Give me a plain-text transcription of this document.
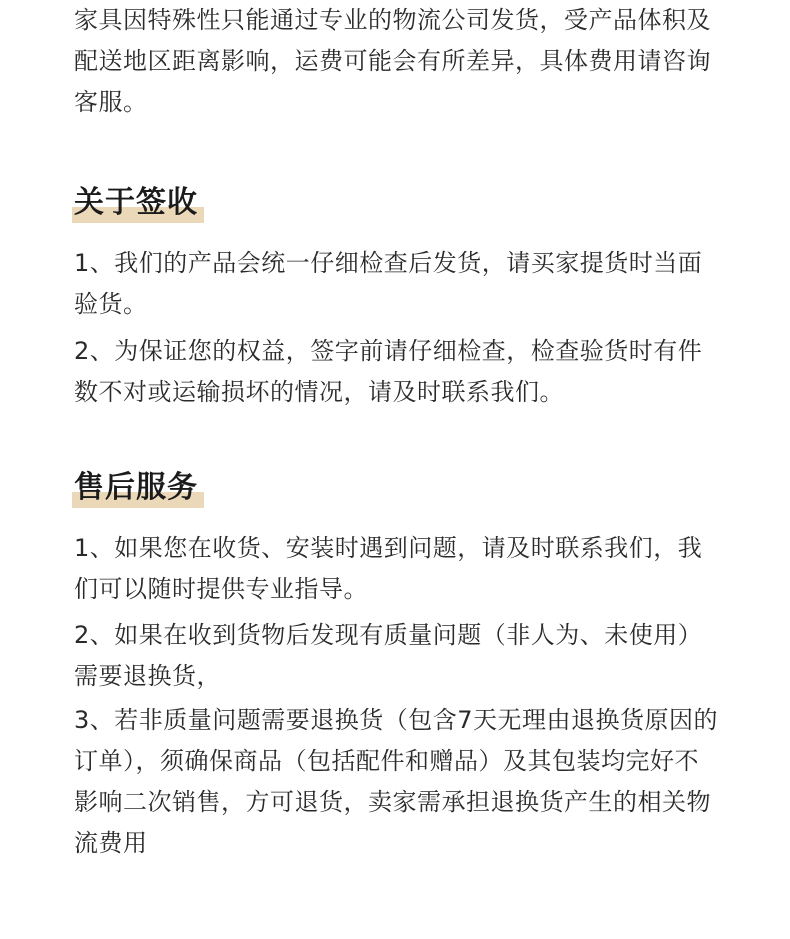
家具因特殊性只能通过专业的物流公司发货，受产品体积及
配送地区距离影响，运费可能会有所差异，具体费用请咨询
客服。

关于签收

1、我们的产品会统一仔细检查后发货，请买家提货时当面
验货。

2、为保证您的权益，签字前请仔细检查，检查验货时有件
数不对或运输损坏的情况，请及时联系我们。

售后服务

1、如果您在收货、安装时遇到问题，请及时联系我们，我
们可以随时提供专业指导。

2、如果在收到货物后发现有质量问题（非人为、未使用）
需要退换货，

3、若非质量问题需要退换货（包含7天无理由退换货原因的
订单），须确保商品（包括配件和赠品）及其包装均完好不
影响二次销售，方可退货，卖家需承担退换货产生的相关物
流费用
